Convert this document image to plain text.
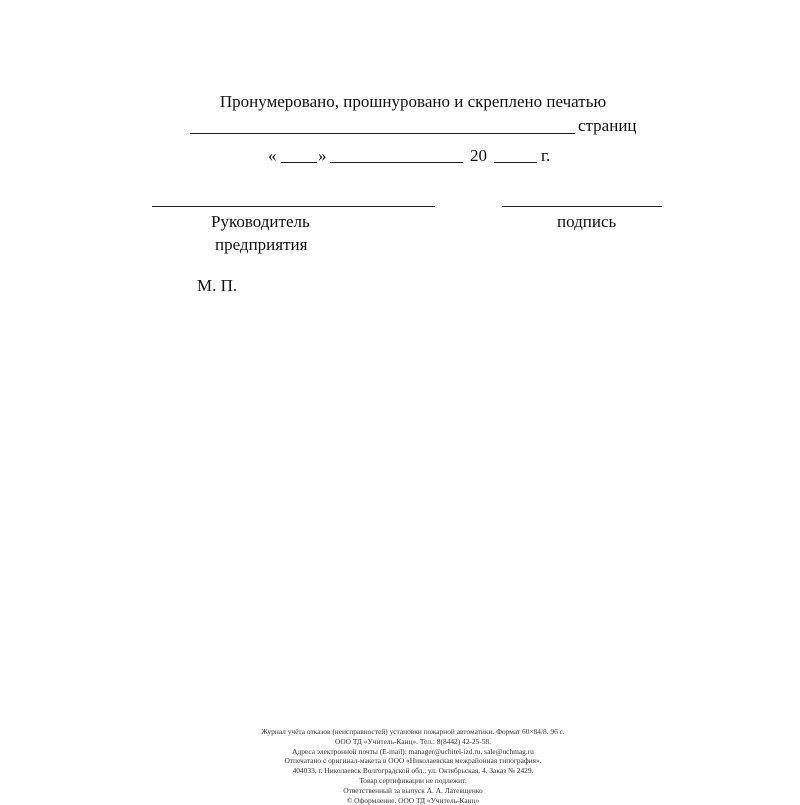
Пронумеровано, прошнуровано и скреплено печатью
страниц
« »	20	г.
Руководитель
предприятия
подпись
М. П.
Журнал учёта отказов (неисправностей) установки пожарной автоматики. Формат 60×84/8. 96 с.
ООО ТД «Учитель-Канц». Тел.: 8(8442) 42-25-58.
Адреса электронной почты (E-mail): manager@uchitel-izd.ru, sale@uchmag.ru
Отпечатано с оригинал-макета в ООО «Николаевская межрайонная типография».
404033, г. Николаевск Волгоградской обл., ул. Октябрьская, 4. Заказ № 2429.
Товар сертификации не подлежит.
Ответственный за выпуск А. А. Латевщенко
© Оформление. ООО ТД «Учитель-Канц»
